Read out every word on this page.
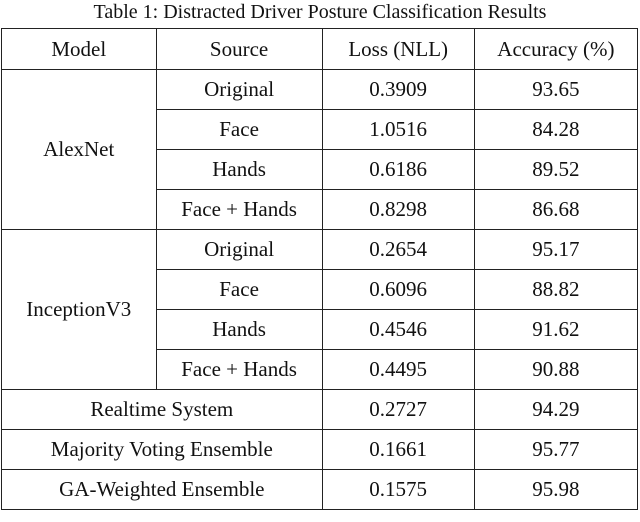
Table 1: Distracted Driver Posture Classification Results
Model	Source	Loss (NLL)	Accuracy (%)
AlexNet	Original	0.3909	93.65
	Face	1.0516	84.28
	Hands	0.6186	89.52
	Face + Hands	0.8298	86.68
InceptionV3	Original	0.2654	95.17
	Face	0.6096	88.82
	Hands	0.4546	91.62
	Face + Hands	0.4495	90.88
Realtime System		0.2727	94.29
Majority Voting Ensemble		0.1661	95.77
GA-Weighted Ensemble		0.1575	95.98
